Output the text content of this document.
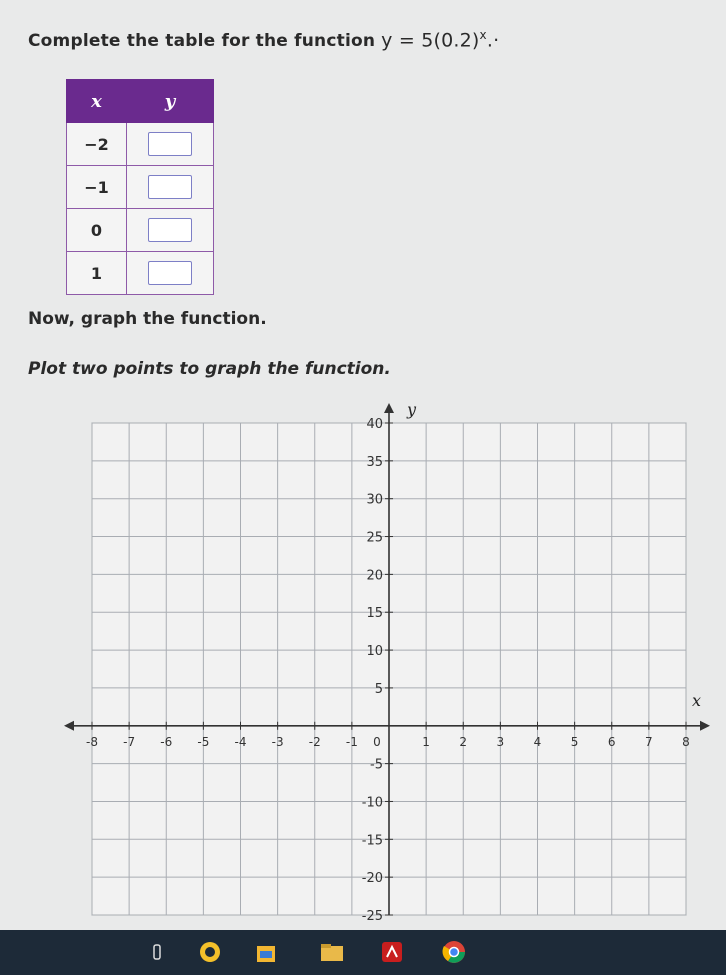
Complete the table for the function $y = 5(0.2)^x.\cdot$
x	y
−2	
−1	
0	
1	
Now, graph the function.
Plot two points to graph the function.
x
y
-8 -7 -6 -5 -4 -3 -2 -1 0	1 2 3 4 5 6 7 8
40
35
30
25
20
15
10
5
-5
-10
-15
-20
-25
